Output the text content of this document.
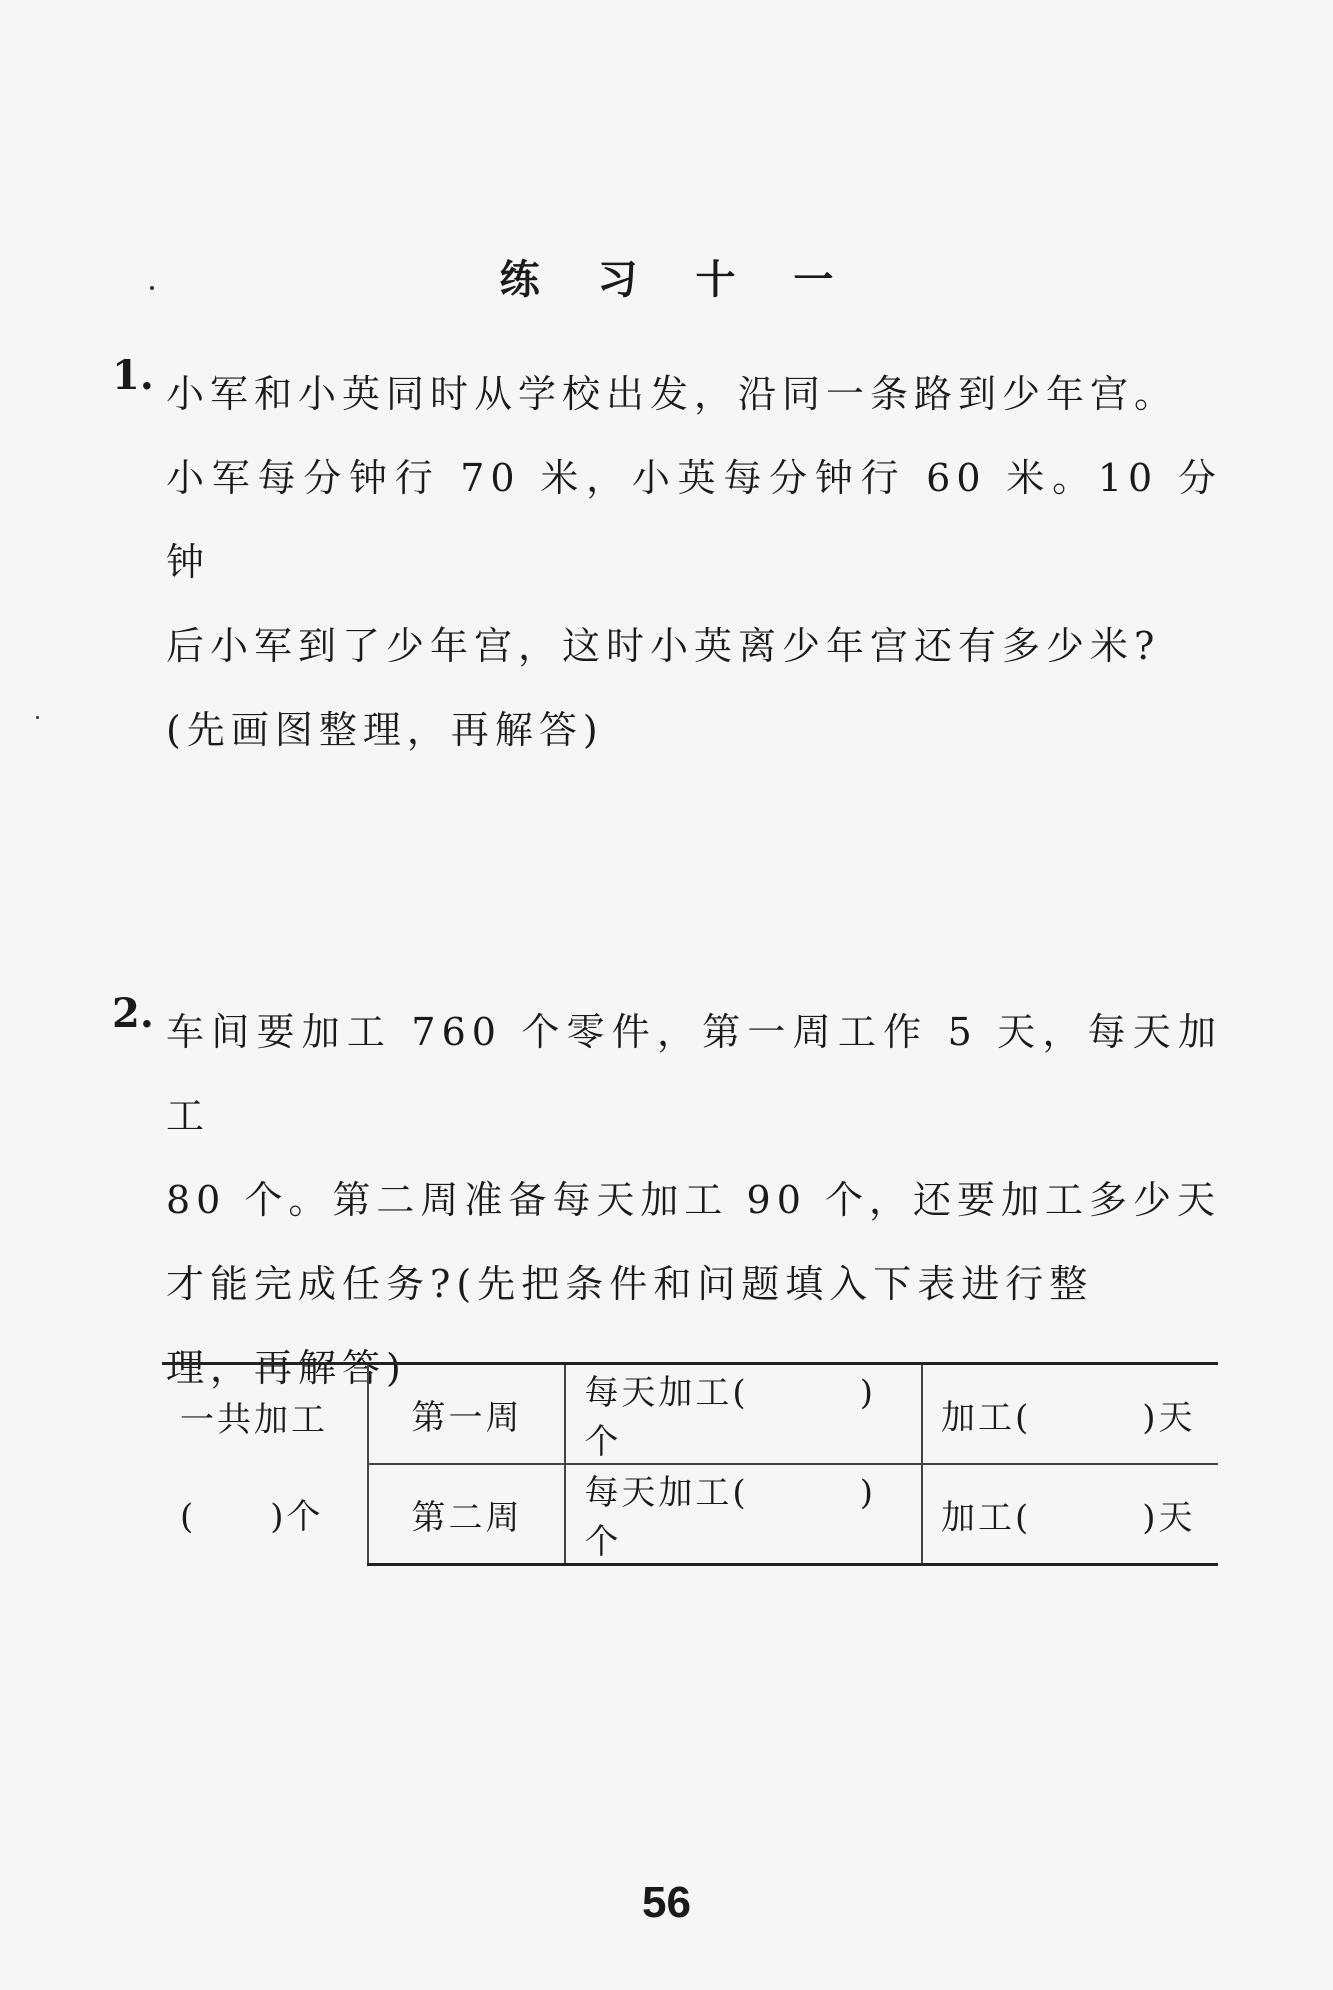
练 习 十 一
1. 小军和小英同时从学校出发，沿同一条路到少年宫。
小军每分钟行 70 米，小英每分钟行 60 米。10 分钟
后小军到了少年宫，这时小英离少年宫还有多少米?
(先画图整理，再解答)
2. 车间要加工 760 个零件，第一周工作 5 天，每天加工
80 个。第二周准备每天加工 90 个，还要加工多少天
才能完成任务?(先把条件和问题填入下表进行整
理，再解答)
一共加工
(　　)个	第一周	每天加工(　　　)个	加工(　　　)天
	第二周	每天加工(　　　)个	加工(　　　)天
56
